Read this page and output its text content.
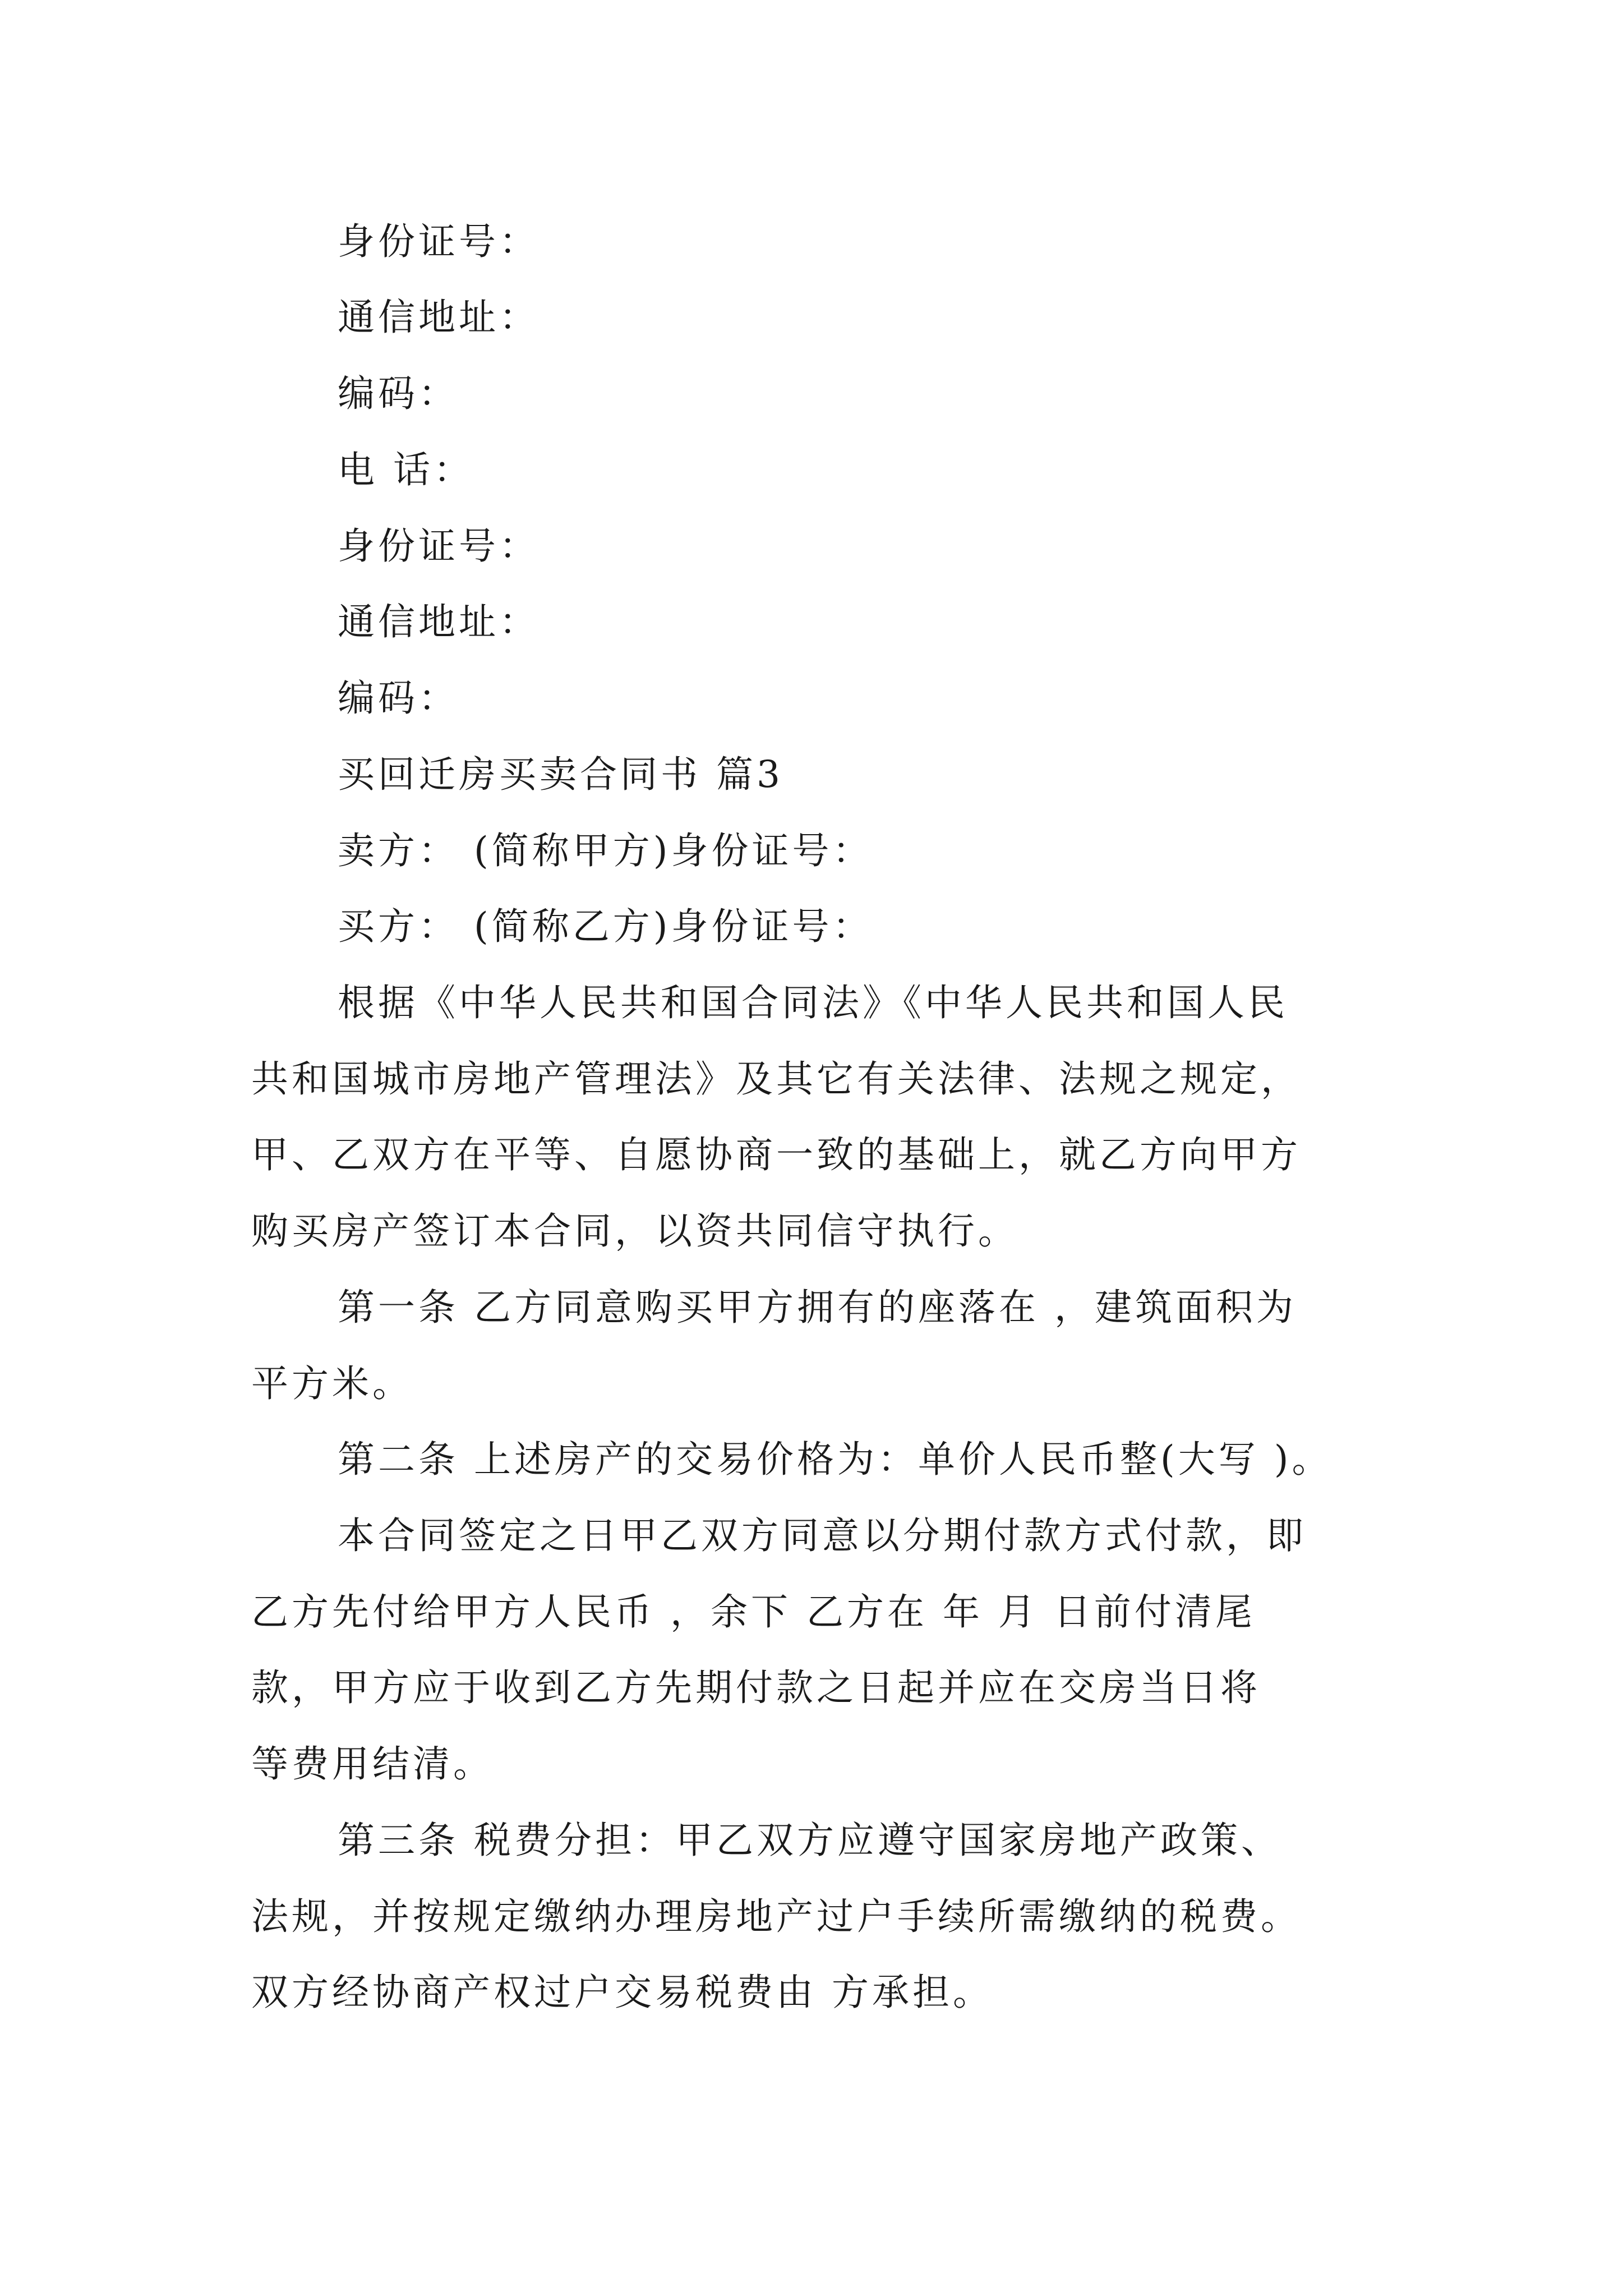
身份证号：
通信地址：
编码：
电 话：
身份证号：
通信地址：
编码：
买回迁房买卖合同书 篇3
卖方： (简称甲方)身份证号：
买方： (简称乙方)身份证号：
根据《中华人民共和国合同法》《中华人民共和国人民
共和国城市房地产管理法》及其它有关法律、法规之规定，
甲、乙双方在平等、自愿协商一致的基础上，就乙方向甲方
购买房产签订本合同，以资共同信守执行。
第一条 乙方同意购买甲方拥有的座落在 ，建筑面积为
平方米。
第二条 上述房产的交易价格为：单价人民币整(大写 )。
本合同签定之日甲乙双方同意以分期付款方式付款，即
乙方先付给甲方人民币 ，余下 乙方在 年 月 日前付清尾
款，甲方应于收到乙方先期付款之日起并应在交房当日将
等费用结清。
第三条 税费分担：甲乙双方应遵守国家房地产政策、
法规，并按规定缴纳办理房地产过户手续所需缴纳的税费。
双方经协商产权过户交易税费由 方承担。
